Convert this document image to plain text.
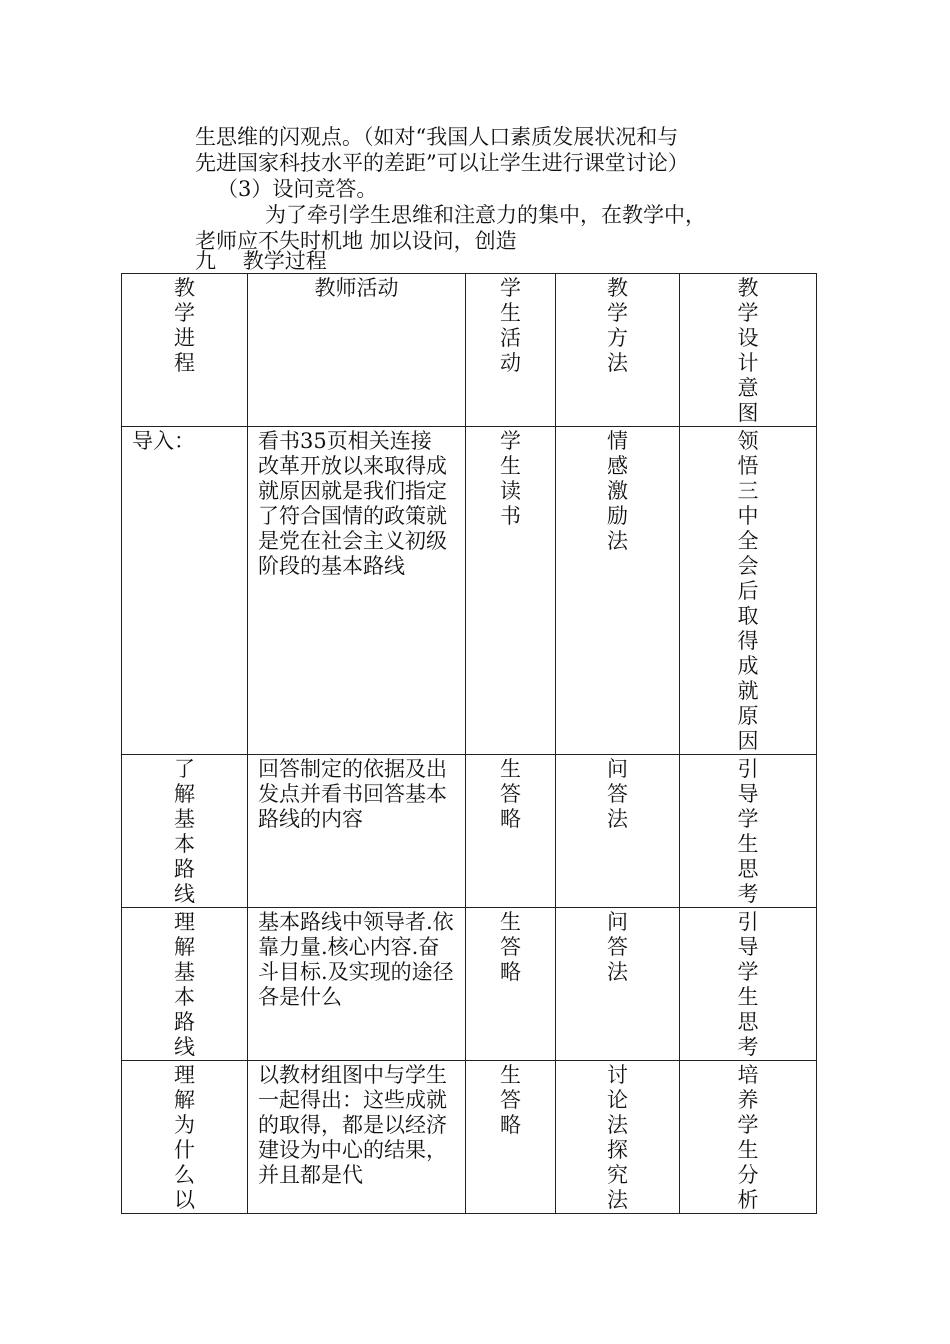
生思维的闪观点。（如对“我国人口素质发展状况和与
先进国家科技水平的差距”可以让学生进行课堂讨论）
（3）设问竞答。
为了牵引学生思维和注意力的集中，在教学中，
老师应不失时机地 加以设问，创造
九    教学过程
教学进程	教师活动	学生活动	教学方法	教学设计意图

导入：	看书35页相关连接 改革开放以来取得成就原因就是我们指定了符合国情的政策就是党在社会主义初级阶段的基本路线	学生读书	情感激励法	领悟三中全会后取得成就原因

了解基本路线	回答制定的依据及出发点并看书回答基本路线的内容	生答略	问答法	引导学生思考

理解基本路线	基本路线中领导者.依靠力量.核心内容.奋斗目标.及实现的途径各是什么	生答略	问答法	引导学生思考

理解为什么以	以教材组图中与学生一起得出：这些成就的取得，都是以经济建设为中心的结果，并且都是代	生答略	讨论法探究法	培养学生分析
